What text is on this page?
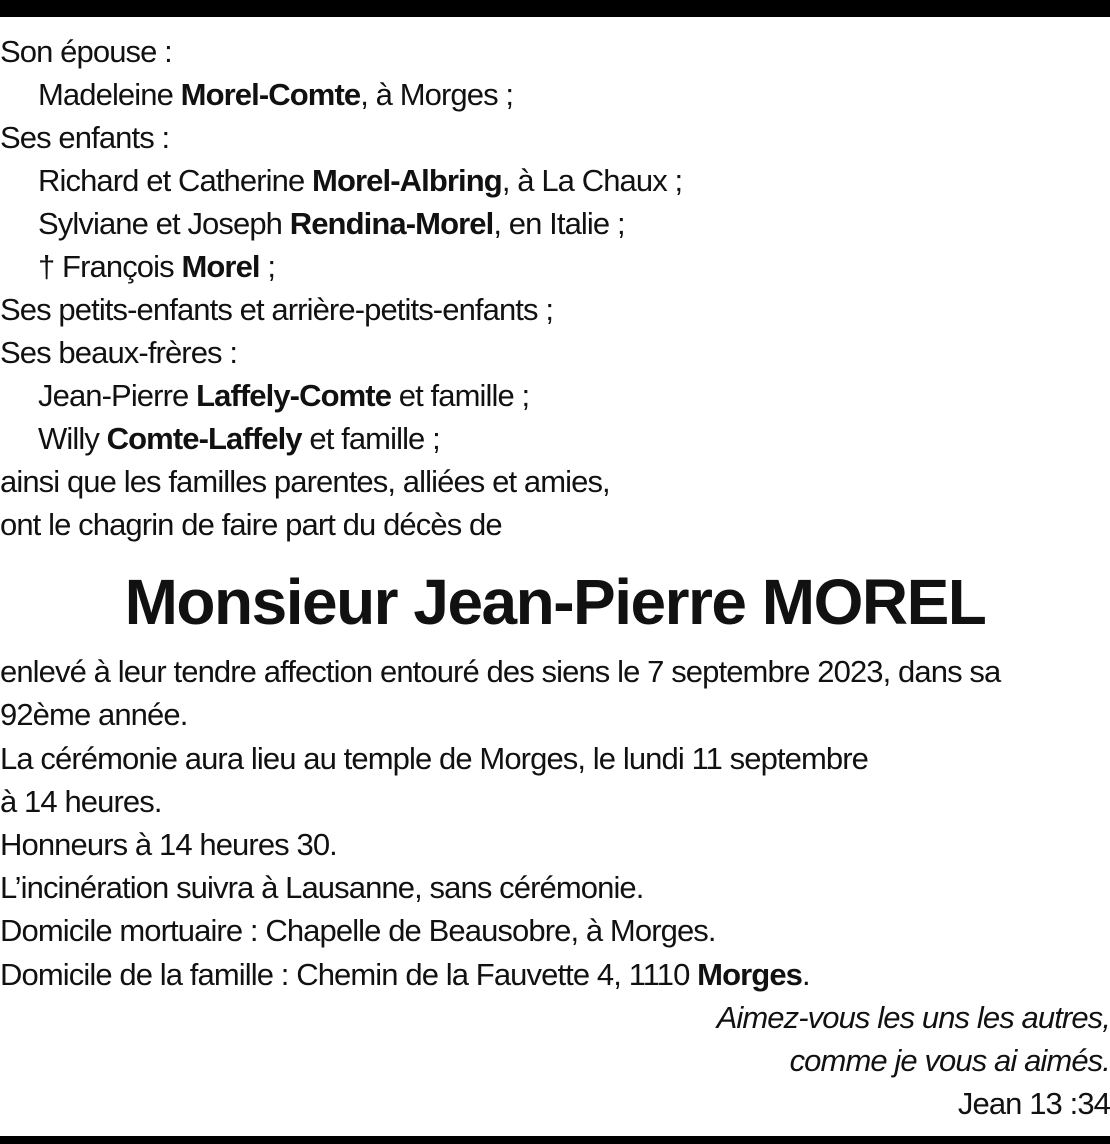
Son épouse :
Madeleine Morel-Comte, à Morges ;
Ses enfants :
Richard et Catherine Morel-Albring, à La Chaux ;
Sylviane et Joseph Rendina-Morel, en Italie ;
† François Morel ;
Ses petits-enfants et arrière-petits-enfants ;
Ses beaux-frères :
Jean-Pierre Laffely-Comte et famille ;
Willy Comte-Laffely et famille ;
ainsi que les familles parentes, alliées et amies,
ont le chagrin de faire part du décès de
Monsieur Jean-Pierre MOREL
enlevé à leur tendre affection entouré des siens le 7 septembre 2023, dans sa
92ème année.
La cérémonie aura lieu au temple de Morges, le lundi 11 septembre
à 14 heures.
Honneurs à 14 heures 30.
L’incinération suivra à Lausanne, sans cérémonie.
Domicile mortuaire : Chapelle de Beausobre, à Morges.
Domicile de la famille : Chemin de la Fauvette 4, 1110 Morges.
Aimez-vous les uns les autres,
comme je vous ai aimés.
Jean 13 :34
